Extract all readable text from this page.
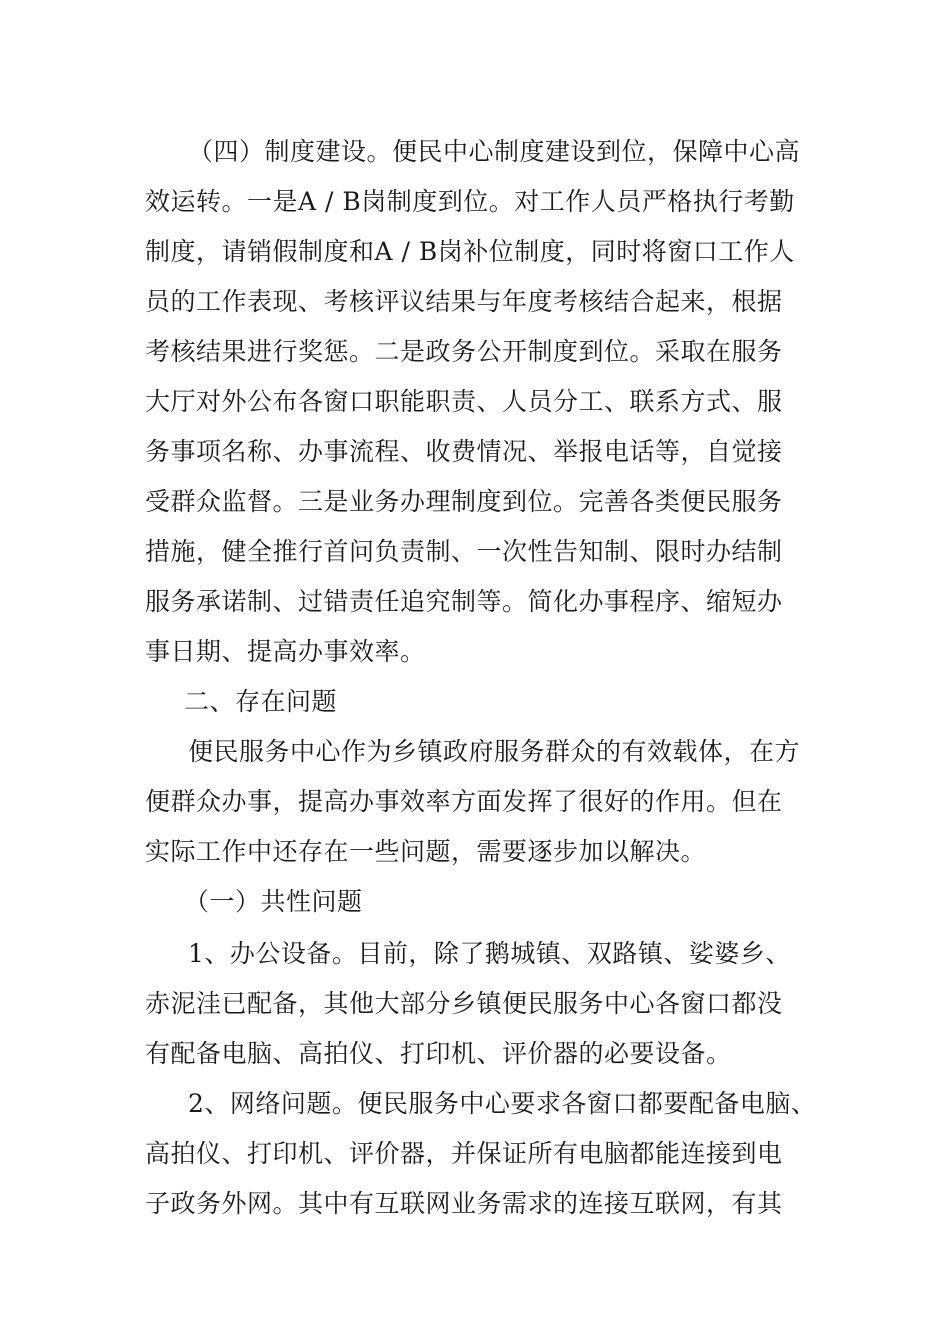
（四）制度建设。便民中心制度建设到位，保障中心高
效运转。一是A / B岗制度到位。对工作人员严格执行考勤
制度，请销假制度和A / B岗补位制度，同时将窗口工作人
员的工作表现、考核评议结果与年度考核结合起来，根据
考核结果进行奖惩。二是政务公开制度到位。采取在服务
大厅对外公布各窗口职能职责、人员分工、联系方式、服
务事项名称、办事流程、收费情况、举报电话等，自觉接
受群众监督。三是业务办理制度到位。完善各类便民服务
措施，健全推行首问负责制、一次性告知制、限时办结制
服务承诺制、过错责任追究制等。简化办事程序、缩短办
事日期、提高办事效率。
二、存在问题
便民服务中心作为乡镇政府服务群众的有效载体，在方
便群众办事，提高办事效率方面发挥了很好的作用。但在
实际工作中还存在一些问题，需要逐步加以解决。
（一）共性问题
1、办公设备。目前，除了鹅城镇、双路镇、娑婆乡、
赤泥洼已配备，其他大部分乡镇便民服务中心各窗口都没
有配备电脑、高拍仪、打印机、评价器的必要设备。
2、网络问题。便民服务中心要求各窗口都要配备电脑、
高拍仪、打印机、评价器，并保证所有电脑都能连接到电
子政务外网。其中有互联网业务需求的连接互联网，有其
